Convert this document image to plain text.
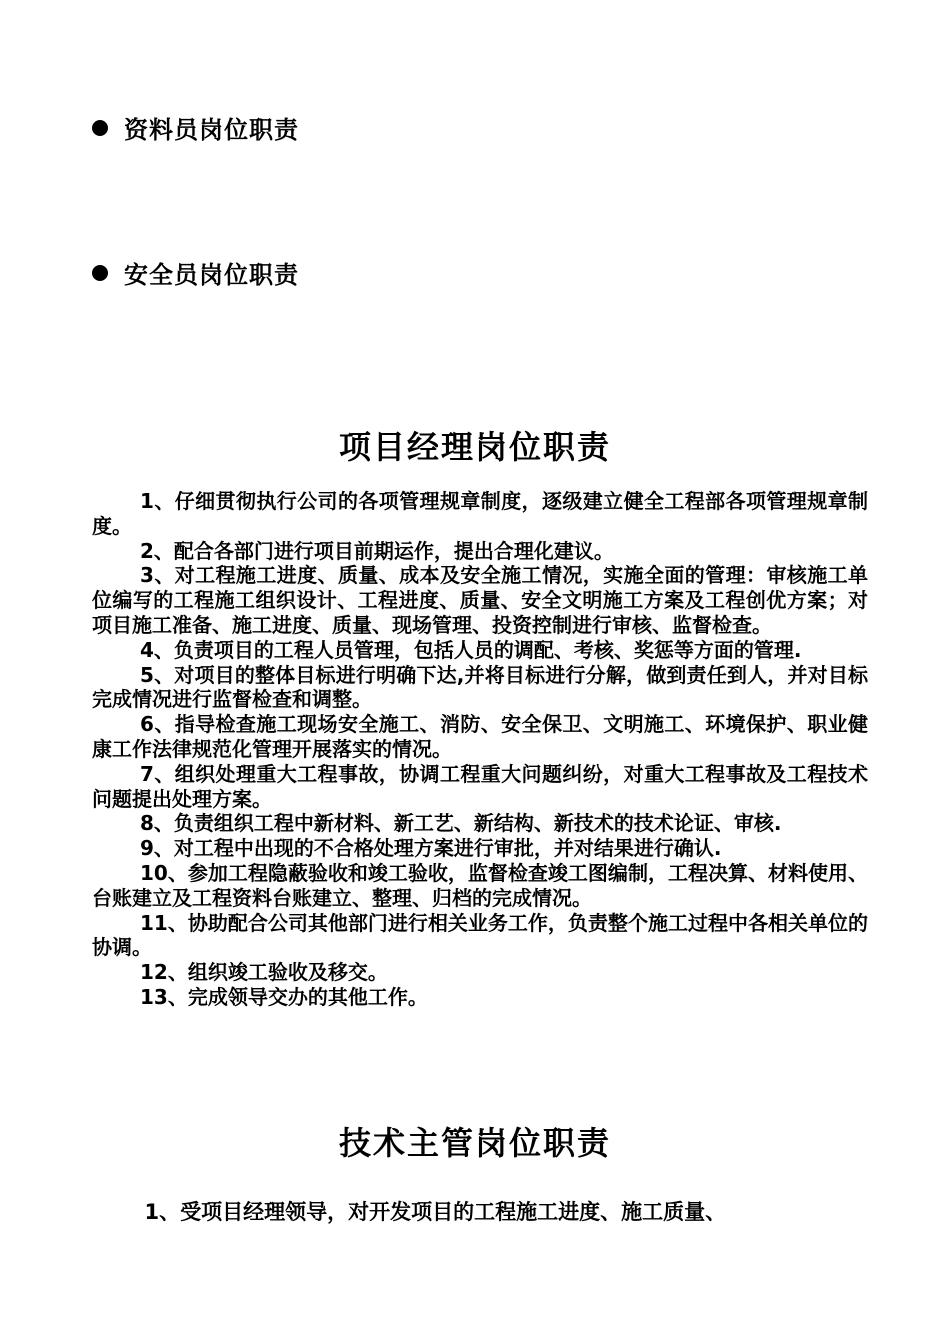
资料员岗位职责
安全员岗位职责
项目经理岗位职责

1、仔细贯彻执行公司的各项管理规章制度，逐级建立健全工程部各项管理规章制度。

2、配合各部门进行项目前期运作，提出合理化建议。

3、对工程施工进度、质量、成本及安全施工情况，实施全面的管理：审核施工单位编写的工程施工组织设计、工程进度、质量、安全文明施工方案及工程创优方案；对项目施工准备、施工进度、质量、现场管理、投资控制进行审核、监督检查。

4、负责项目的工程人员管理，包括人员的调配、考核、奖惩等方面的管理.

5、对项目的整体目标进行明确下达,并将目标进行分解，做到责任到人，并对目标完成情况进行监督检查和调整。

6、指导检查施工现场安全施工、消防、安全保卫、文明施工、环境保护、职业健康工作法律规范化管理开展落实的情况。

7、组织处理重大工程事故，协调工程重大问题纠纷，对重大工程事故及工程技术问题提出处理方案。

8、负责组织工程中新材料、新工艺、新结构、新技术的技术论证、审核.

9、对工程中出现的不合格处理方案进行审批，并对结果进行确认.

10、参加工程隐蔽验收和竣工验收，监督检查竣工图编制，工程决算、材料使用、台账建立及工程资料台账建立、整理、归档的完成情况。

11、协助配合公司其他部门进行相关业务工作，负责整个施工过程中各相关单位的协调。

12、组织竣工验收及移交。

13、完成领导交办的其他工作。

技术主管岗位职责

1、受项目经理领导，对开发项目的工程施工进度、施工质量、
